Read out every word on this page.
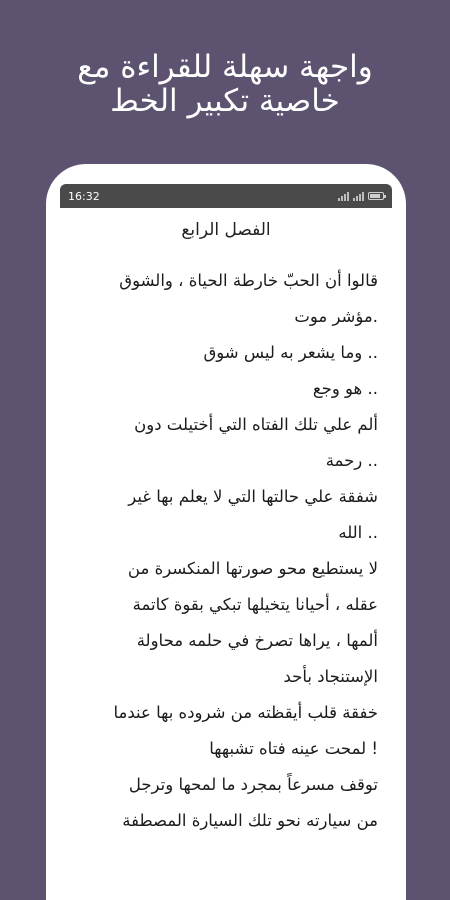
واجهة سهلة للقراءة مع
خاصية تكبير الخط
16:32
الفصل الرابع
قالوا أن الحبّ خارطة الحياة ، والشوق
.مؤشر موت
.. وما يشعر به ليس شوق
.. هو وجع
ألم علي تلك الفتاه التي أختيلت دون
.. رحمة
شفقة علي حالتها التي لا يعلم بها غير
.. الله
لا يستطيع محو صورتها المنكسرة من
عقله ، أحيانا يتخيلها تبكي بقوة كاتمة
ألمها ، يراها تصرخ في حلمه محاولة
الإستنجاد بأحد
خفقة قلب أيقظته من شروده بها عندما
! لمحت عينه فتاه تشبهها
توقف مسرعاً بمجرد ما لمحها وترجل
من سيارته نحو تلك السيارة المصطفة
